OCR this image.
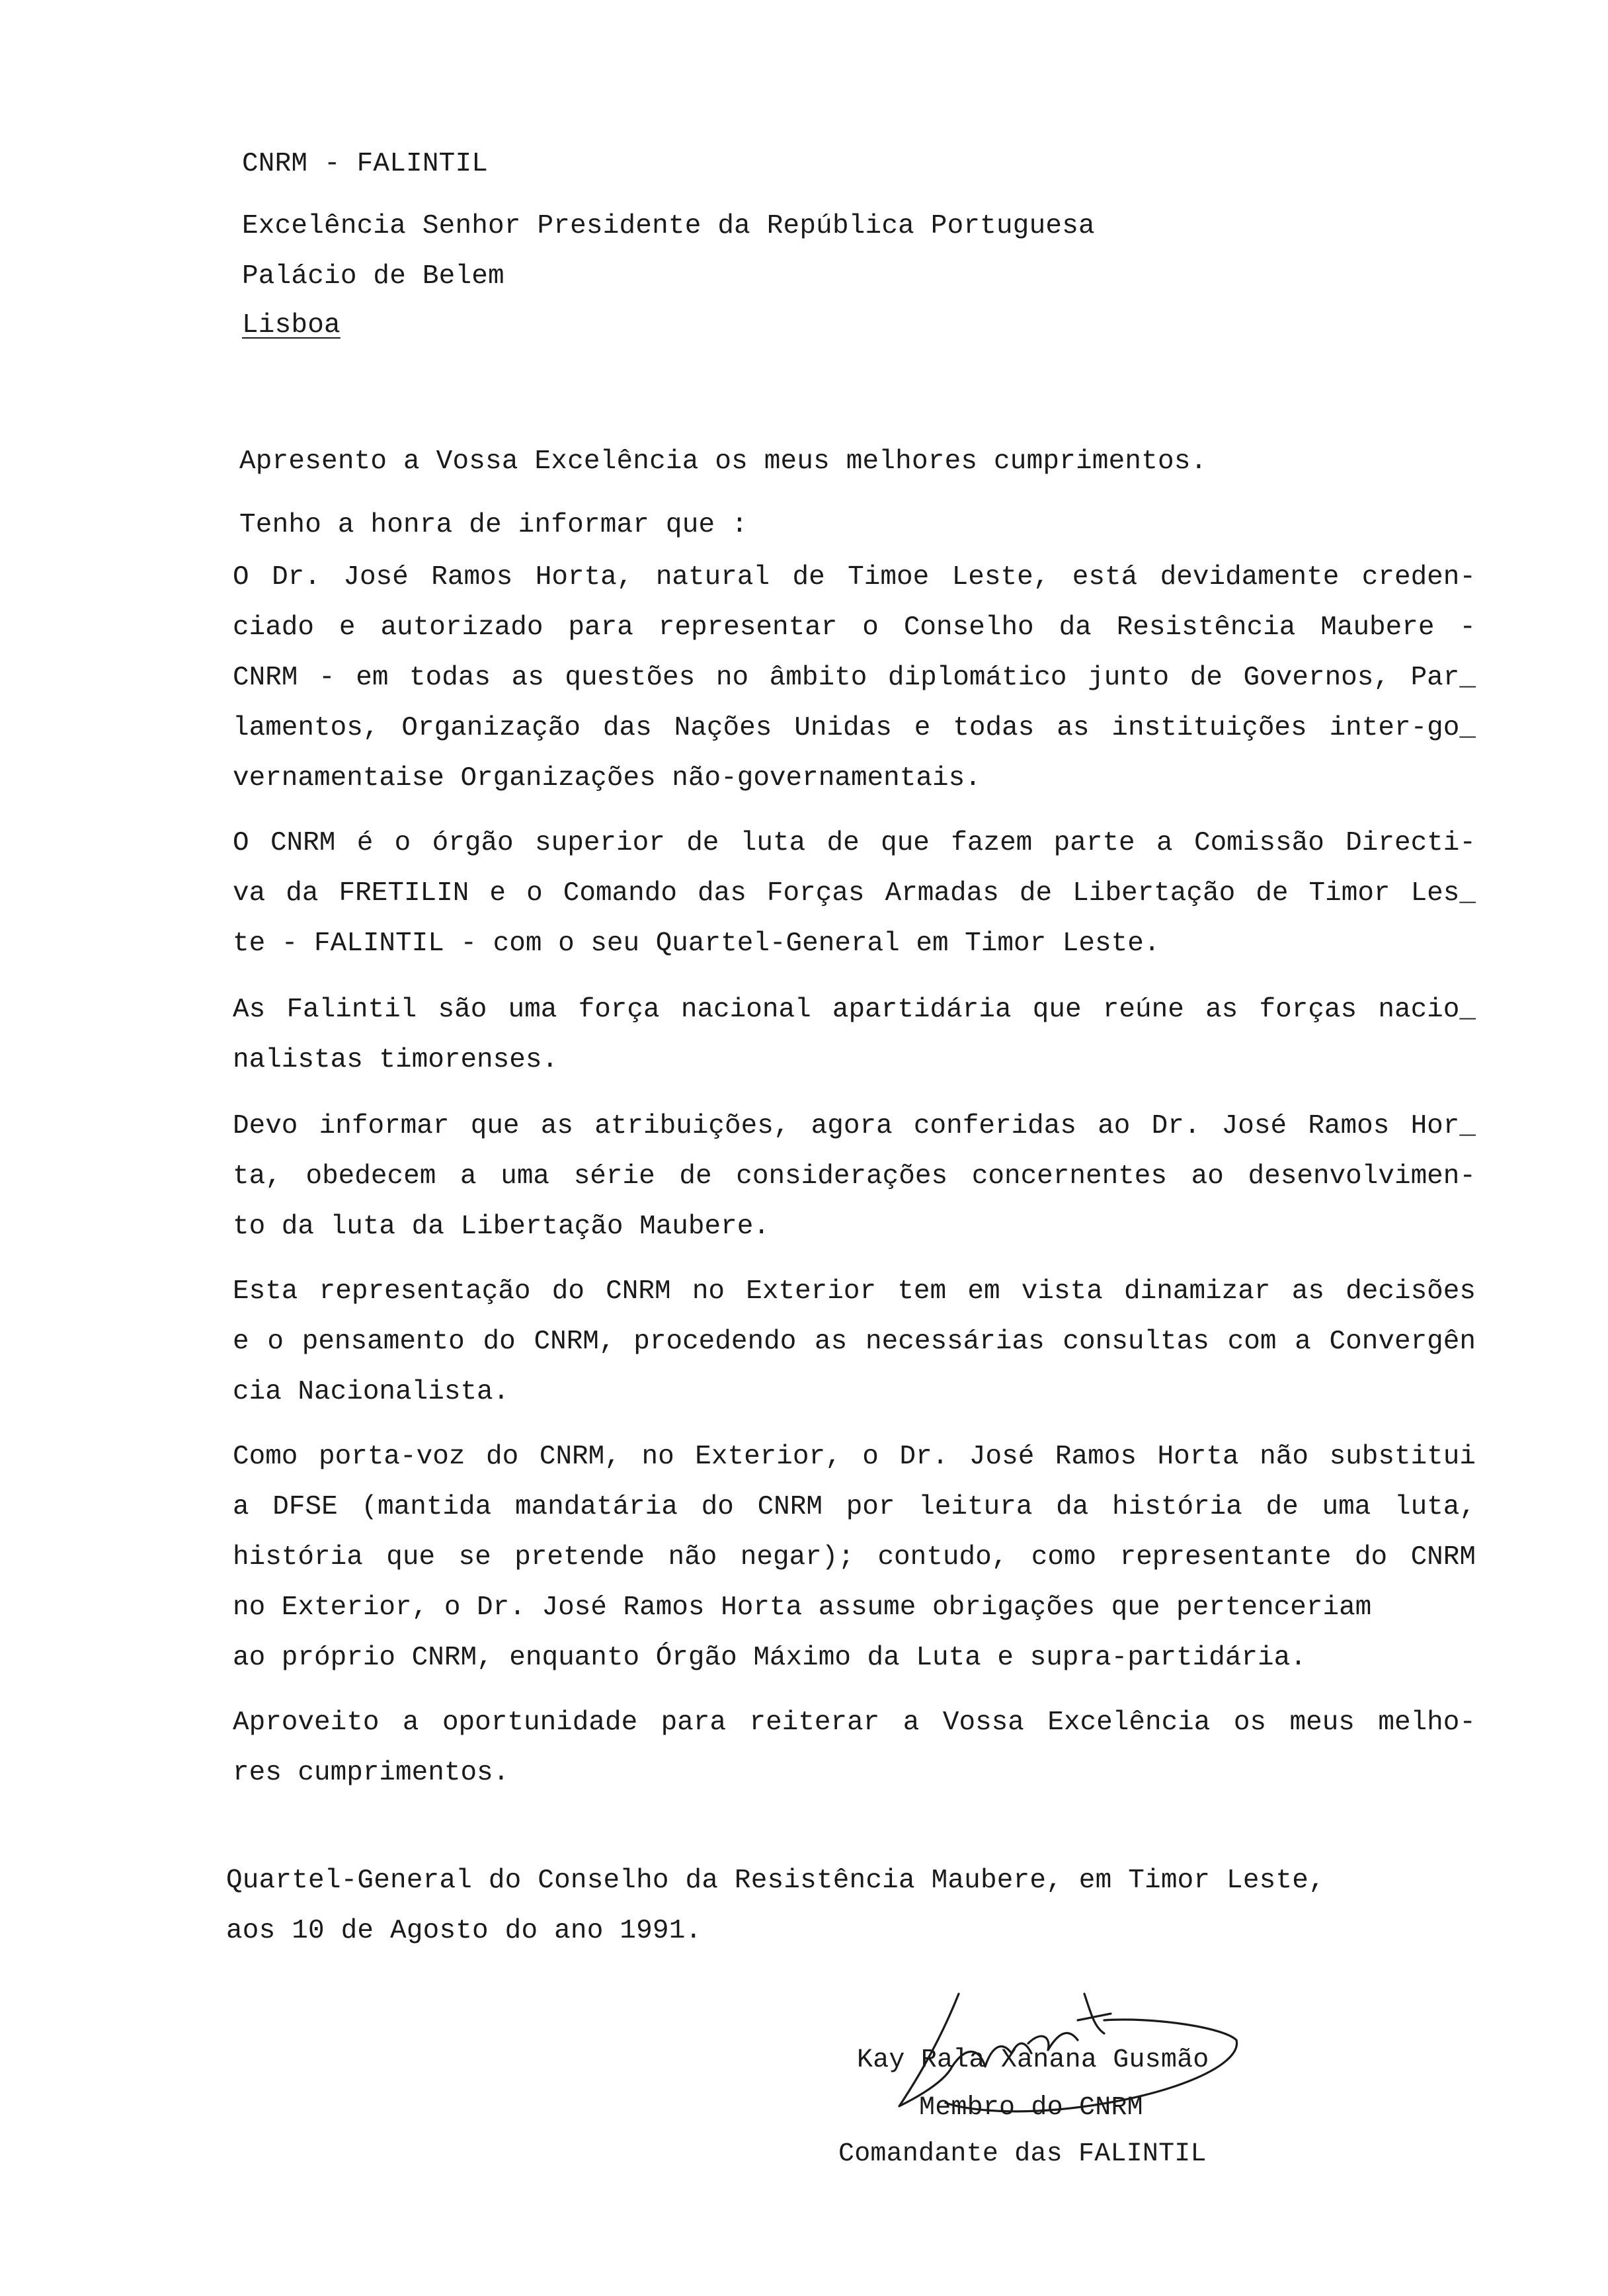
CNRM - FALINTIL
Excelência Senhor Presidente da República Portuguesa
Palácio de Belem
Lisboa
Apresento a Vossa Excelência os meus melhores cumprimentos.
Tenho a honra de informar que :
O Dr. José Ramos Horta, natural de Timoe Leste, está devidamente creden-
ciado e autorizado para representar o Conselho da Resistência Maubere -
CNRM - em todas as questões no âmbito diplomático junto de Governos, Par_
lamentos, Organização das Nações Unidas e todas as instituições inter-go_
vernamentaise Organizações não-governamentais.
O CNRM é o órgão superior de luta de que fazem parte a Comissão Directi-
va da FRETILIN e o Comando das Forças Armadas de Libertação de Timor Les_
te - FALINTIL - com o seu Quartel-General em Timor Leste.
As Falintil são uma força nacional apartidária que reúne as forças nacio_
nalistas timorenses.
Devo informar que as atribuições, agora conferidas ao Dr. José Ramos Hor_
ta, obedecem a uma série de considerações concernentes ao desenvolvimen-
to da luta da Libertação Maubere.
Esta representação do CNRM no Exterior tem em vista dinamizar as decisões
e o pensamento do CNRM, procedendo as necessárias consultas com a Convergên
cia Nacionalista.
Como porta-voz do CNRM, no Exterior, o Dr. José Ramos Horta não substitui
a DFSE (mantida mandatária do CNRM por leitura da história de uma luta,
história que se pretende não negar); contudo, como representante do CNRM
no Exterior, o Dr. José Ramos Horta assume obrigações que pertenceriam
ao próprio CNRM, enquanto Órgão Máximo da Luta e supra-partidária.
Aproveito a oportunidade para reiterar a Vossa Excelência os meus melho-
res cumprimentos.
Quartel-General do Conselho da Resistência Maubere, em Timor Leste,
aos 10 de Agosto do ano 1991.
Kay Rala Xanana Gusmão
Membro do CNRM
Comandante das FALINTIL
